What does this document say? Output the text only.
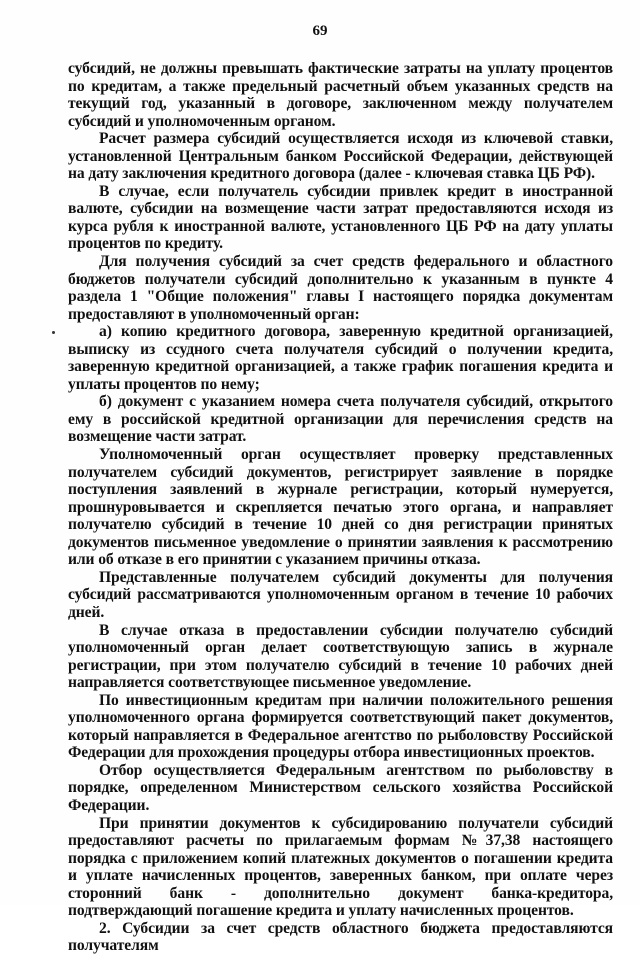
69

субсидий, не должны превышать фактические затраты на уплату процентов по кредитам, а также предельный расчетный объем указанных средств на текущий год, указанный в договоре, заключенном между получателем субсидий и уполномоченным органом.

Расчет размера субсидий осуществляется исходя из ключевой ставки, установленной Центральным банком Российской Федерации, действующей на дату заключения кредитного договора (далее - ключевая ставка ЦБ РФ).

В случае, если получатель субсидии привлек кредит в иностранной валюте, субсидии на возмещение части затрат предоставляются исходя из курса рубля к иностранной валюте, установленного ЦБ РФ на дату уплаты процентов по кредиту.

Для получения субсидий за счет средств федерального и областного бюджетов получатели субсидий дополнительно к указанным в пункте 4 раздела 1 "Общие положения" главы I настоящего порядка документам предоставляют в уполномоченный орган:

а) копию кредитного договора, заверенную кредитной организацией, выписку из ссудного счета получателя субсидий о получении кредита, заверенную кредитной организацией, а также график погашения кредита и уплаты процентов по нему;

б) документ с указанием номера счета получателя субсидий, открытого ему в российской кредитной организации для перечисления средств на возмещение части затрат.

Уполномоченный орган осуществляет проверку представленных получателем субсидий документов, регистрирует заявление в порядке поступления заявлений в журнале регистрации, который нумеруется, прошнуровывается и скрепляется печатью этого органа, и направляет получателю субсидий в течение 10 дней со дня регистрации принятых документов письменное уведомление о принятии заявления к рассмотрению или об отказе в его принятии с указанием причины отказа.

Представленные получателем субсидий документы для получения субсидий рассматриваются уполномоченным органом в течение 10 рабочих дней.

В случае отказа в предоставлении субсидии получателю субсидий уполномоченный орган делает соответствующую запись в журнале регистрации, при этом получателю субсидий в течение 10 рабочих дней направляется соответствующее письменное уведомление.

По инвестиционным кредитам при наличии положительного решения уполномоченного органа формируется соответствующий пакет документов, который направляется в Федеральное агентство по рыболовству Российской Федерации для прохождения процедуры отбора инвестиционных проектов.

Отбор осуществляется Федеральным агентством по рыболовству в порядке, определенном Министерством сельского хозяйства Российской Федерации.

При принятии документов к субсидированию получатели субсидий предоставляют расчеты по прилагаемым формам №37,38 настоящего порядка с приложением копий платежных документов о погашении кредита и уплате начисленных процентов, заверенных банком, при оплате через сторонний банк - дополнительно документ банка-кредитора, подтверждающий погашение кредита и уплату начисленных процентов.

2. Субсидии за счет средств областного бюджета предоставляются получателям
